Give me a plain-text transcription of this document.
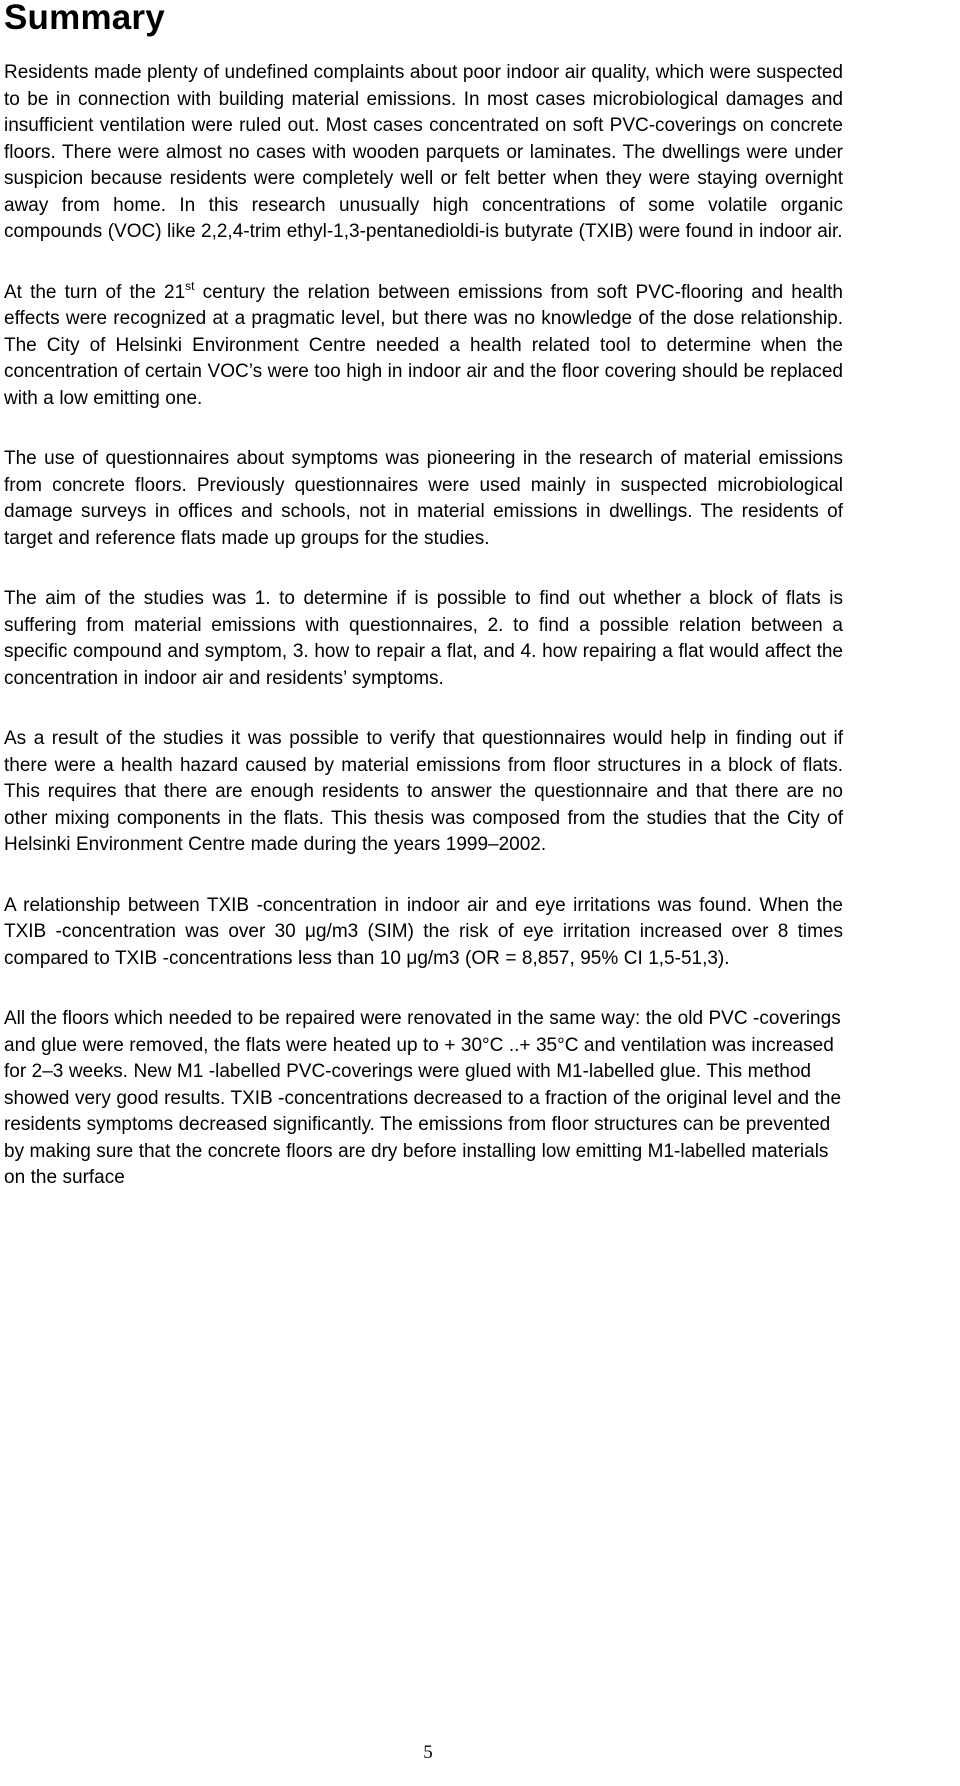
Summary

Residents made plenty of undefined complaints about poor indoor air quality, which were suspected to be in connection with building material emissions. In most cases microbiological damages and insufficient ventilation were ruled out. Most cases concentrated on soft PVC-coverings on concrete floors. There were almost no cases with wooden parquets or laminates. The dwellings were under suspicion because residents were completely well or felt better when they were staying overnight away from home. In this research unusually high concentrations of some volatile organic compounds (VOC) like 2,2,4-trim ethyl-1,3-pentanedioldi-is butyrate (TXIB) were found in indoor air.

At the turn of the 21st century the relation between emissions from soft PVC-flooring and health effects were recognized at a pragmatic level, but there was no knowledge of the dose relationship. The City of Helsinki Environment Centre needed a health related tool to determine when the concentration of certain VOC’s were too high in indoor air and the floor covering should be replaced with a low emitting one.

The use of questionnaires about symptoms was pioneering in the research of material emissions from concrete floors. Previously questionnaires were used mainly in suspected microbiological damage surveys in offices and schools, not in material emissions in dwellings. The residents of target and reference flats made up groups for the studies.

The aim of the studies was 1. to determine if is possible to find out whether a block of flats is suffering from material emissions with questionnaires, 2. to find a possible relation between a specific compound and symptom, 3. how to repair a flat, and 4. how repairing a flat would affect the concentration in indoor air and residents’ symptoms.

As a result of the studies it was possible to verify that questionnaires would help in finding out if there were a health hazard caused by material emissions from floor structures in a block of flats. This requires that there are enough residents to answer the questionnaire and that there are no other mixing components in the flats. This thesis was composed from the studies that the City of Helsinki Environment Centre made during the years 1999–2002.

A relationship between TXIB -concentration in indoor air and eye irritations was found. When the TXIB -concentration was over 30 μg/m3 (SIM) the risk of eye irritation increased over 8 times compared to TXIB -concentrations less than 10 μg/m3 (OR = 8,857, 95% CI 1,5-51,3).

All the floors which needed to be repaired were renovated in the same way: the old PVC -coverings and glue were removed, the flats were heated up to + 30°C ..+ 35°C and ventilation was increased for 2–3 weeks. New M1 -labelled PVC-coverings were glued with M1-labelled glue. This method showed very good results. TXIB -concentrations decreased to a fraction of the original level and the residents symptoms decreased significantly. The emissions from floor structures can be prevented by making sure that the concrete floors are dry before installing low emitting M1-labelled materials on the surface

5
